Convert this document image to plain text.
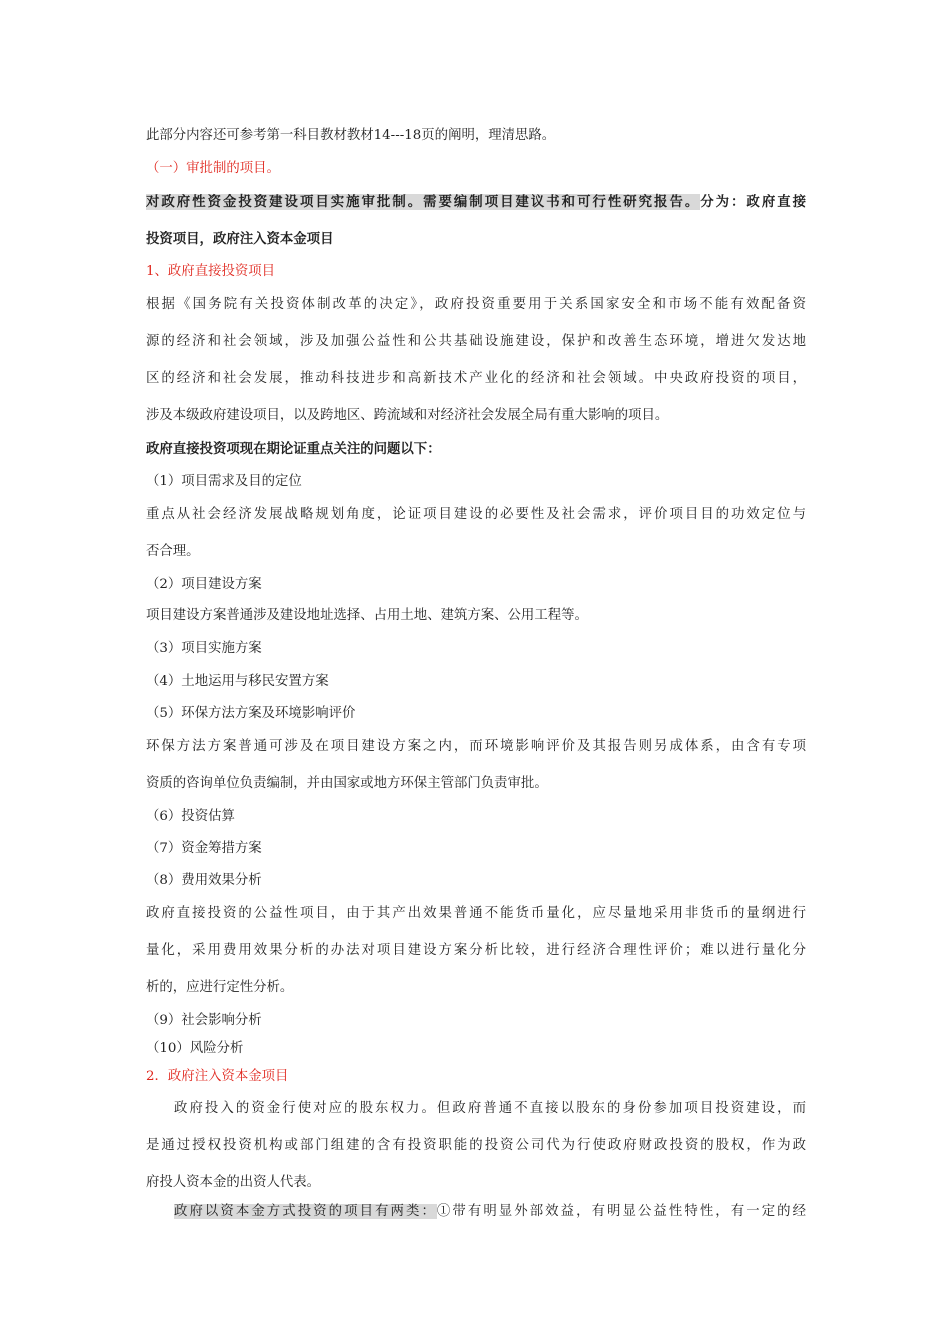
此部分内容还可参考第一科目教材教材14---18页的阐明，理清思路。
（一）审批制的项目。
对政府性资金投资建设项目实施审批制。需要编制项目建议书和可行性研究报告。分为：政府直接
投资项目，政府注入资本金项目
1、政府直接投资项目
根据《国务院有关投资体制改革的决定》，政府投资重要用于关系国家安全和市场不能有效配备资
源的经济和社会领域，涉及加强公益性和公共基础设施建设，保护和改善生态环境，增进欠发达地
区的经济和社会发展，推动科技进步和高新技术产业化的经济和社会领域。中央政府投资的项目，
涉及本级政府建设项目，以及跨地区、跨流域和对经济社会发展全局有重大影响的项目。
政府直接投资项现在期论证重点关注的问题以下：
（1）项目需求及目的定位
重点从社会经济发展战略规划角度，论证项目建设的必要性及社会需求，评价项目目的功效定位与
否合理。
（2）项目建设方案
项目建设方案普通涉及建设地址选择、占用土地、建筑方案、公用工程等。
（3）项目实施方案
（4）土地运用与移民安置方案
（5）环保方法方案及环境影响评价
环保方法方案普通可涉及在项目建设方案之内，而环境影响评价及其报告则另成体系，由含有专项
资质的咨询单位负责编制，并由国家或地方环保主管部门负责审批。
（6）投资估算
（7）资金筹措方案
（8）费用效果分析
政府直接投资的公益性项目，由于其产出效果普通不能货币量化，应尽量地采用非货币的量纲进行
量化，采用费用效果分析的办法对项目建设方案分析比较，进行经济合理性评价；难以进行量化分
析的，应进行定性分析。
（9）社会影响分析
（10）风险分析
2．政府注入资本金项目
政府投入的资金行使对应的股东权力。但政府普通不直接以股东的身份参加项目投资建设，而
是通过授权投资机构或部门组建的含有投资职能的投资公司代为行使政府财政投资的股权，作为政
府投人资本金的出资人代表。
政府以资本金方式投资的项目有两类：①带有明显外部效益，有明显公益性特性，有一定的经
